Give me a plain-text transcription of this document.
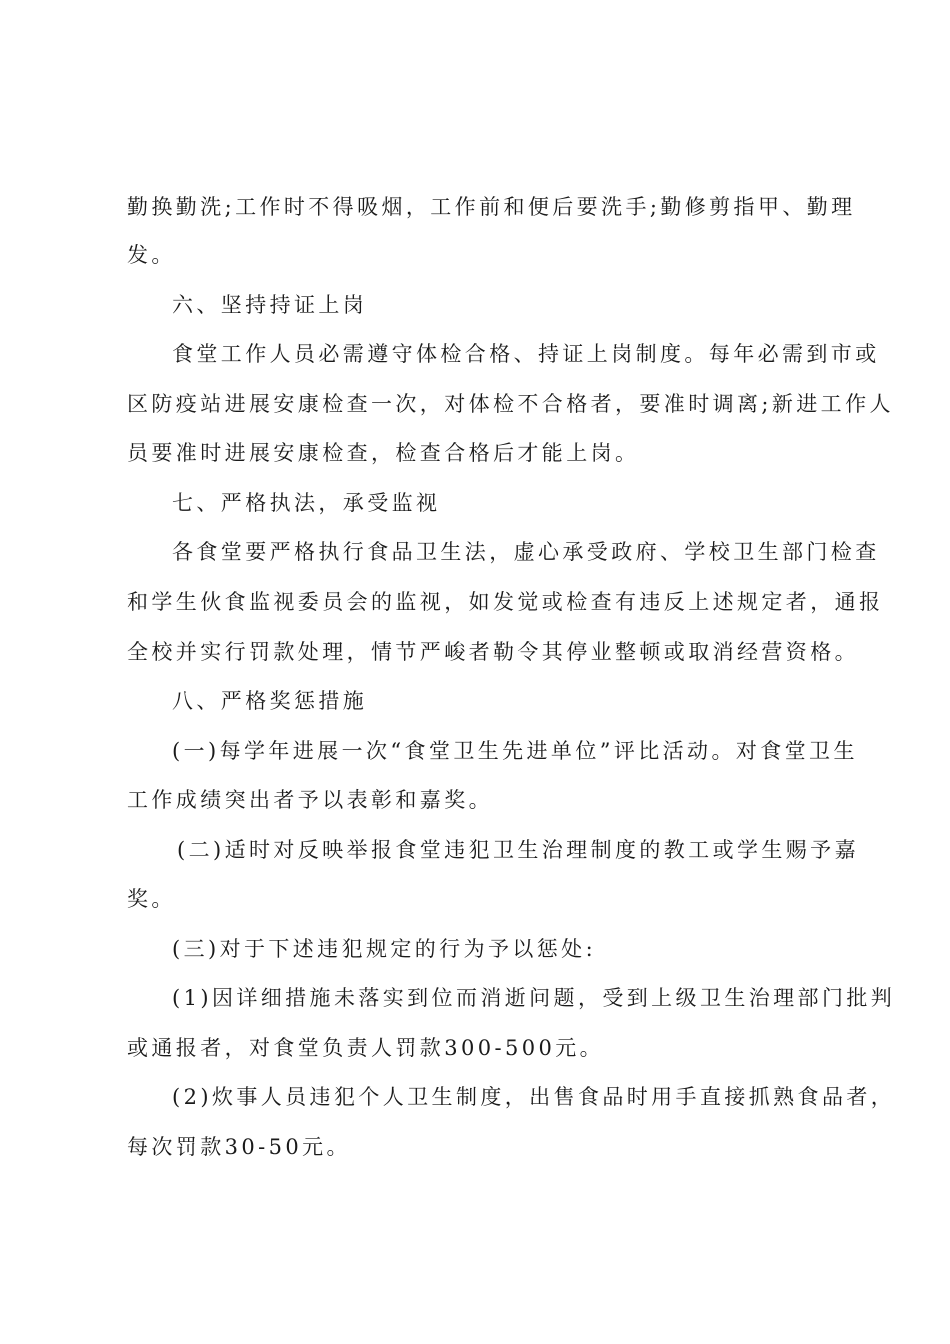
勤换勤洗;工作时不得吸烟，工作前和便后要洗手;勤修剪指甲、勤理
发。
六、坚持持证上岗
食堂工作人员必需遵守体检合格、持证上岗制度。每年必需到市或
区防疫站进展安康检查一次，对体检不合格者，要准时调离;新进工作人
员要准时进展安康检查，检查合格后才能上岗。
七、严格执法，承受监视
各食堂要严格执行食品卫生法，虚心承受政府、学校卫生部门检查
和学生伙食监视委员会的监视，如发觉或检查有违反上述规定者，通报
全校并实行罚款处理，情节严峻者勒令其停业整顿或取消经营资格。
八、严格奖惩措施
(一)每学年进展一次“食堂卫生先进单位”评比活动。对食堂卫生
工作成绩突出者予以表彰和嘉奖。
(二)适时对反映举报食堂违犯卫生治理制度的教工或学生赐予嘉
奖。
(三)对于下述违犯规定的行为予以惩处:
(1)因详细措施未落实到位而消逝问题，受到上级卫生治理部门批判
或通报者，对食堂负责人罚款300-500元。
(2)炊事人员违犯个人卫生制度，出售食品时用手直接抓熟食品者，
每次罚款30-50元。
